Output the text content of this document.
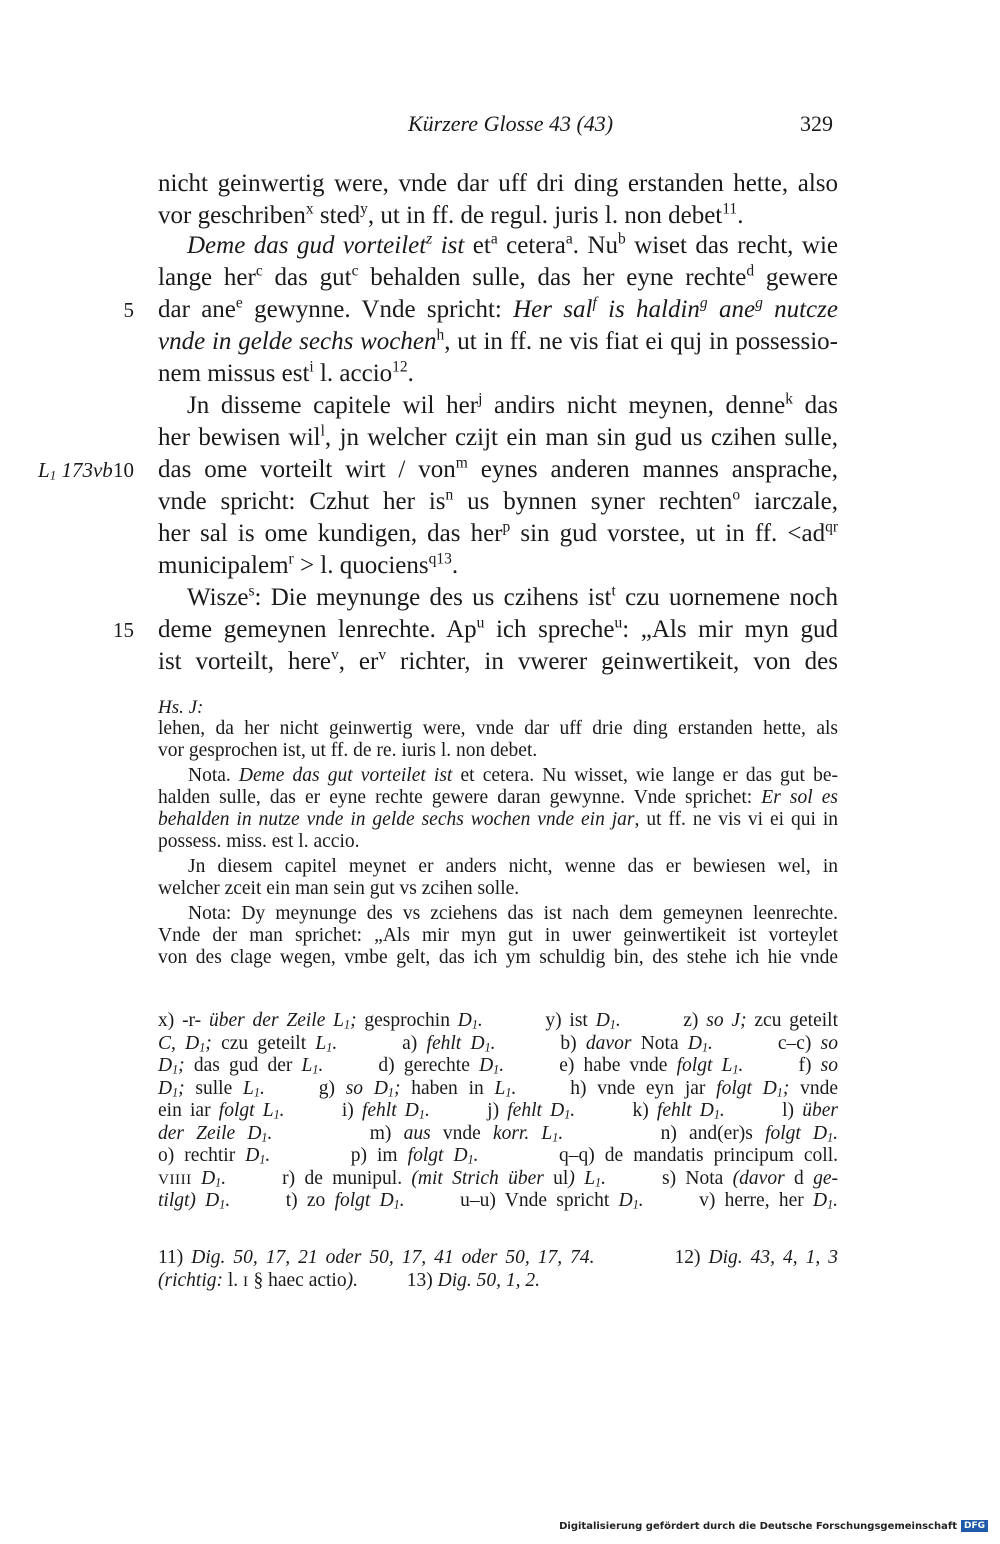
Kürzere Glosse 43 (43)	329
5
10
15
$L_1$ 173vb
nicht geinwertig were, vnde dar uff dri ding erstanden hette, also
vor geschriben$^x$ sted$^y$, ut in ff. de regul. juris l. non debet$^{11}$.
Deme das gud vorteilet$^z$ ist $et^a$ cetera$^a$. Nu$^b$ wiset das recht, wie
lange her$^c$ das gut$^c$ behalden sulle, das her eyne rechte$^d$ gewere
dar ane$^e$ gewynne. Vnde spricht: Her sal$^f$ is haldin$^g$ ane$^g$ nutcze
vnde in gelde sechs wochen$^h$, ut in ff. ne vis fiat ei quj in possessio-
nem missus est$^i$ l. accio$^{12}$.
Jn disseme capitele wil her$^j$ andirs nicht meynen, denne$^k$ das
her bewisen wil$^l$, jn welcher czijt ein man sin gud us czihen sulle,
das ome vorteilt wirt / von$^m$ eynes anderen mannes ansprache,
vnde spricht: Czhut her $is^n$ us bynnen syner rechten$^o$ iarczale,
her sal is ome kundigen, das her$^p$ sin gud vorstee, ut in ff. $<ad^{qr}$
municipalem$^r$ > l. quociens$^{q13}$.
Wisze$^s$: Die meynunge des us czihens ist$^t$ czu uornemene noch
deme gemeynen lenrechte. Ap$^u$ ich spreche$^u$: „Als mir myn gud
ist vorteilt, here$^v$, $er^v$ richter, in vwerer geinwertikeit, von des
Hs. J:
lehen, da her nicht geinwertig were, vnde dar uff drie ding erstanden hette, als
vor gesprochen ist, ut ff. de re. iuris l. non debet.
Nota. Deme das gut vorteilet ist et cetera. Nu wisset, wie lange er das gut be-
halden sulle, das er eyne rechte gewere daran gewynne. Vnde sprichet: Er sol es
behalden in nutze vnde in gelde sechs wochen vnde ein jar, ut ff. ne vis vi ei qui in
possess. miss. est l. accio.
Jn diesem capitel meynet er anders nicht, wenne das er bewiesen wel, in
welcher zceit ein man sein gut vs zcihen solle.
Nota: Dy meynunge des vs zciehens das ist nach dem gemeynen leenrechte.
Vnde der man sprichet: „Als mir myn gut in uwer geinwertikeit ist vorteylet
von des clage wegen, vmbe gelt, das ich ym schuldig bin, des stehe ich hie vnde
x) -r- über der Zeile $L_1$; gesprochin $D_1$.        y) ist $D_1$.        z) so J; zcu geteilt
C, $D_1$; czu geteilt $L_1$.       a) fehlt $D_1$.       b) davor Nota $D_1$.       c–c) so
$D_1$; das gud der $L_1$.      d) gerechte $D_1$.      e) habe vnde folgt $L_1$.      f) so
$D_1$; sulle $L_1$.     g) so $D_1$; haben in $L_1$.     h) vnde eyn jar folgt $D_1$; vnde
ein iar folgt $L_1$.       i) fehlt $D_1$.       j) fehlt $D_1$.       k) fehlt $D_1$.       l) über
der Zeile $D_1$.        m) aus vnde korr. $L_1$.        n) and(er)s folgt $D_1$.
o) rechtir $D_1$.        p) im folgt $D_1$.        q–q) de mandatis principum coll.
VIIII $D_1$.      r) de munipul. (mit Strich über ul) $L_1$.      s) Nota (davor d ge-
tilgt) $D_1$.      t) zo folgt $D_1$.      u–u) Vnde spricht $D_1$.      v) herre, her $D_1$.
11) Dig. 50, 17, 21 oder 50, 17, 41 oder 50, 17, 74.          12) Dig. 43, 4, 1, 3
(richtig: l. I § haec actio).          13) Dig. 50, 1, 2.
Digitalisierung gefördert durch die Deutsche Forschungsgemeinschaft DFG
